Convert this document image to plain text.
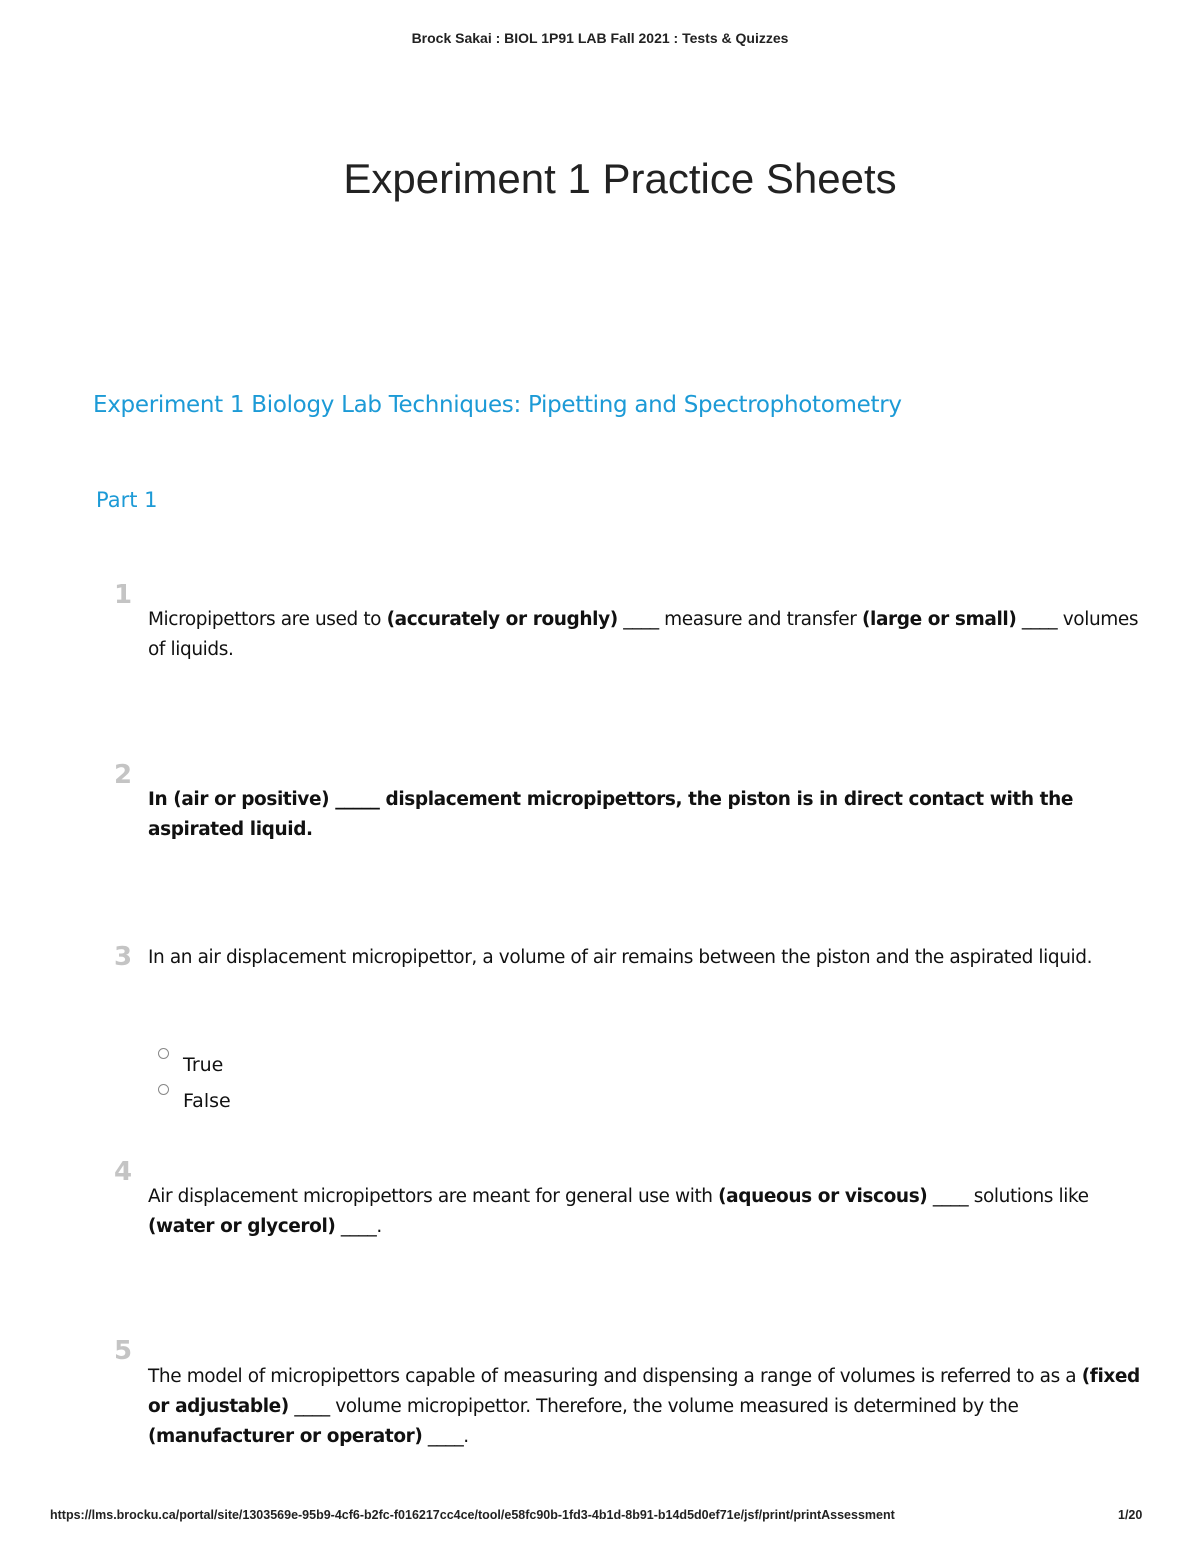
Brock Sakai : BIOL 1P91 LAB Fall 2021 : Tests & Quizzes
Experiment 1 Practice Sheets
Experiment 1 Biology Lab Techniques: Pipetting and Spectrophotometry
Part 1
1
Micropipettors are used to (accurately or roughly) ____ measure and transfer (large or small) ____ volumes of liquids.
2
In (air or positive) _____ displacement micropipettors, the piston is in direct contact with the aspirated liquid.
3 In an air displacement micropipettor, a volume of air remains between the piston and the aspirated liquid.
True
False
4
Air displacement micropipettors are meant for general use with (aqueous or viscous) ____ solutions like (water or glycerol) ____.
5
The model of micropipettors capable of measuring and dispensing a range of volumes is referred to as a (fixed or adjustable) ____ volume micropipettor. Therefore, the volume measured is determined by the (manufacturer or operator) ____.
https://lms.brocku.ca/portal/site/1303569e-95b9-4cf6-b2fc-f016217cc4ce/tool/e58fc90b-1fd3-4b1d-8b91-b14d5d0ef71e/jsf/print/printAssessment	1/20
